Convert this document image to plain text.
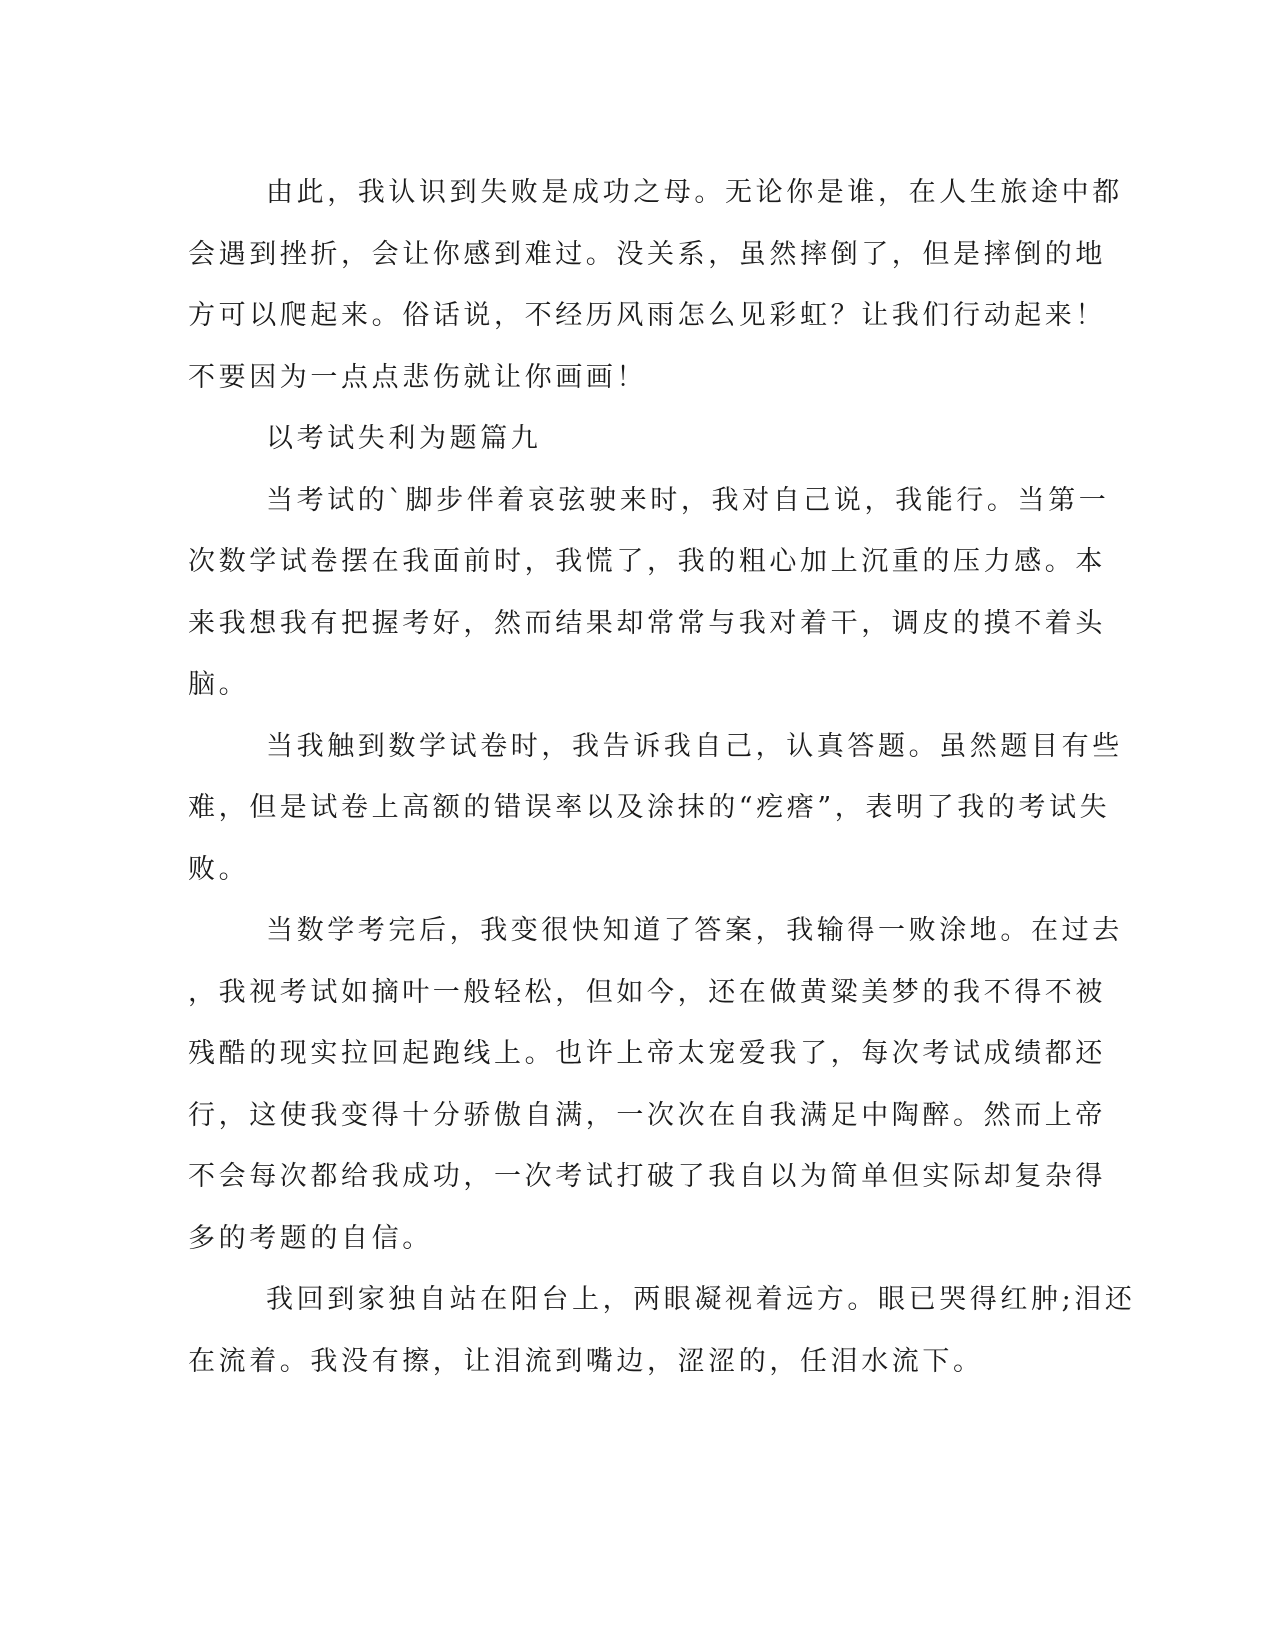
由此，我认识到失败是成功之母。无论你是谁，在人生旅途中都
会遇到挫折，会让你感到难过。没关系，虽然摔倒了，但是摔倒的地
方可以爬起来。俗话说，不经历风雨怎么见彩虹？让我们行动起来！
不要因为一点点悲伤就让你画画！
以考试失利为题篇九
当考试的`脚步伴着哀弦驶来时，我对自己说，我能行。当第一
次数学试卷摆在我面前时，我慌了，我的粗心加上沉重的压力感。本
来我想我有把握考好，然而结果却常常与我对着干，调皮的摸不着头
脑。
当我触到数学试卷时，我告诉我自己，认真答题。虽然题目有些
难，但是试卷上高额的错误率以及涂抹的“疙瘩”，表明了我的考试失
败。
当数学考完后，我变很快知道了答案，我输得一败涂地。在过去
，我视考试如摘叶一般轻松，但如今，还在做黄粱美梦的我不得不被
残酷的现实拉回起跑线上。也许上帝太宠爱我了，每次考试成绩都还
行，这使我变得十分骄傲自满，一次次在自我满足中陶醉。然而上帝
不会每次都给我成功，一次考试打破了我自以为简单但实际却复杂得
多的考题的自信。
我回到家独自站在阳台上，两眼凝视着远方。眼已哭得红肿;泪还
在流着。我没有擦，让泪流到嘴边，涩涩的，任泪水流下。
